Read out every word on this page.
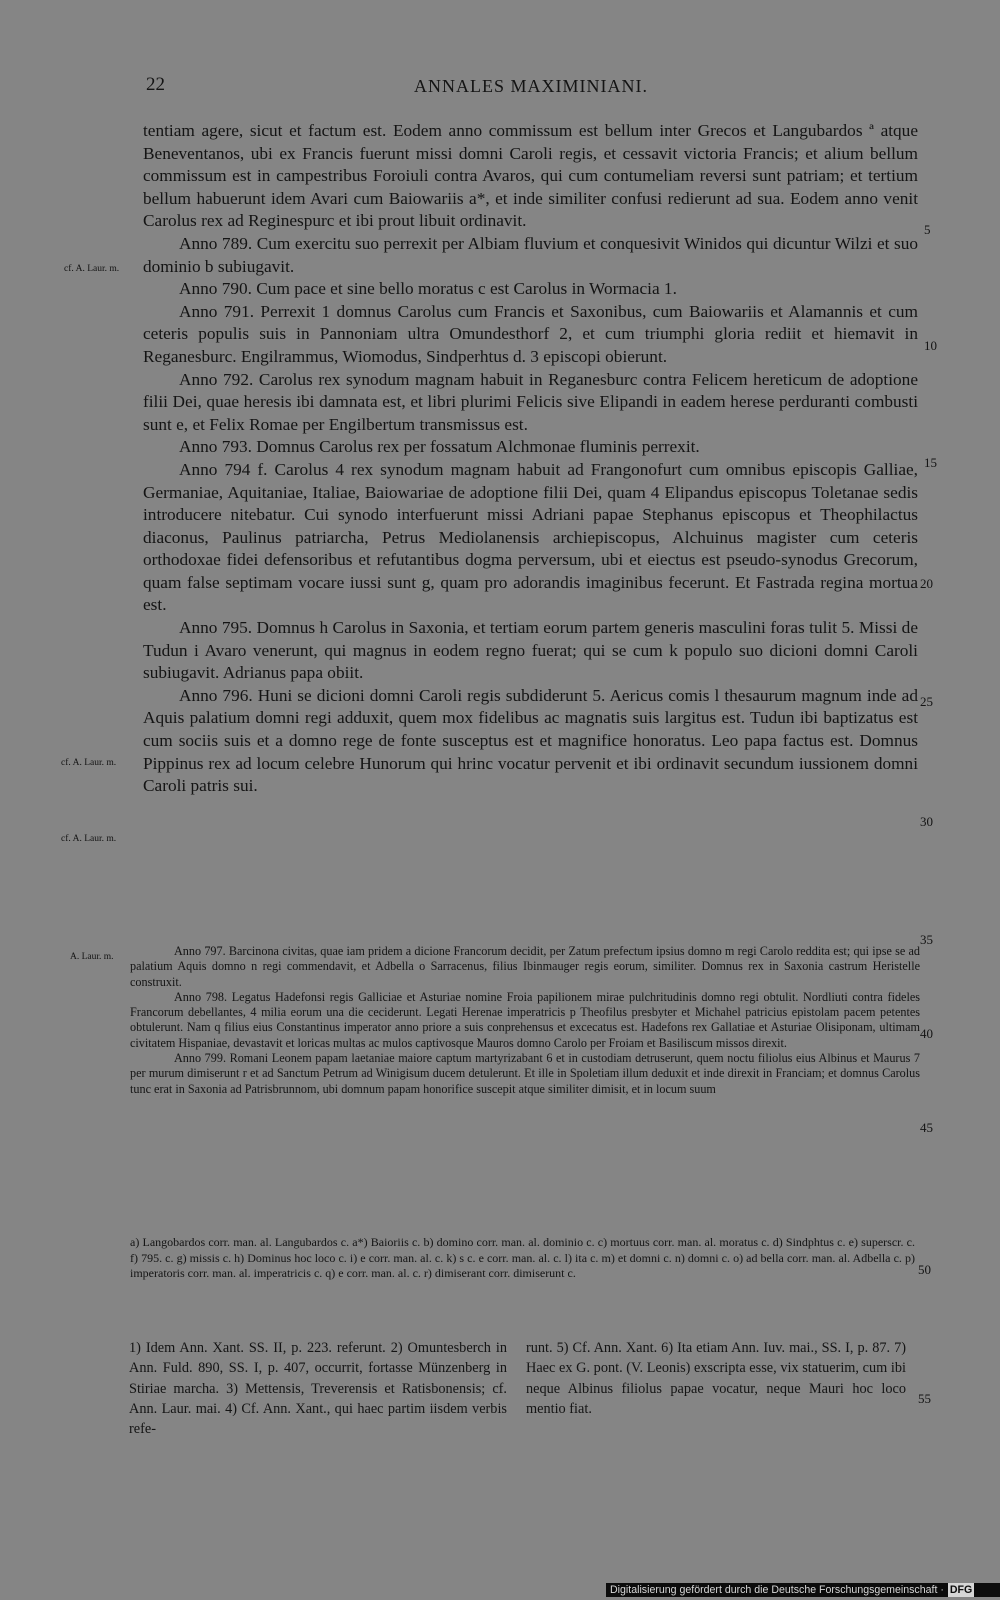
22	ANNALES MAXIMINIANI.

tentiam agere, sicut et factum est. Eodem anno commissum est bellum inter Grecos et Langubardos ª atque Beneventanos, ubi ex Francis fuerunt missi domni Caroli regis, et cessavit victoria Francis; et alium bellum commissum est in campestribus Foroiuli contra Avaros, qui cum contumeliam reversi sunt patriam; et tertium bellum habuerunt idem Avari cum Baiowariis a*, et inde similiter confusi redierunt ad sua. Eodem anno venit Carolus rex ad Reginespurc et ibi prout libuit ordinavit.

Anno 789. Cum exercitu suo perrexit per Albiam fluvium et conquesivit Winidos qui dicuntur Wilzi et suo dominio b subiugavit.

Anno 790. Cum pace et sine bello moratus c est Carolus in Wormacia 1.

Anno 791. Perrexit 1 domnus Carolus cum Francis et Saxonibus, cum Baiowariis et Alamannis et cum ceteris populis suis in Pannoniam ultra Omundesthorf 2, et cum triumphi gloria rediit et hiemavit in Reganesburc. Engilrammus, Wiomodus, Sindperhtus d. 3 episcopi obierunt.

Anno 792. Carolus rex synodum magnam habuit in Reganesburc contra Felicem hereticum de adoptione filii Dei, quae heresis ibi damnata est, et libri plurimi Felicis sive Elipandi in eadem herese perduranti combusti sunt e, et Felix Romae per Engilbertum transmissus est.

Anno 793. Domnus Carolus rex per fossatum Alchmonae fluminis perrexit.

Anno 794 f. Carolus 4 rex synodum magnam habuit ad Frangonofurt cum omnibus episcopis Galliae, Germaniae, Aquitaniae, Italiae, Baiowariae de adoptione filii Dei, quam 4 Elipandus episcopus Toletanae sedis introducere nitebatur. Cui synodo interfuerunt missi Adriani papae Stephanus episcopus et Theophilactus diaconus, Paulinus patriarcha, Petrus Mediolanensis archiepiscopus, Alchuinus magister cum ceteris orthodoxae fidei defensoribus et refutantibus dogma perversum, ubi et eiectus est pseudo-synodus Grecorum, quam false septimam vocare iussi sunt g, quam pro adorandis imaginibus fecerunt. Et Fastrada regina mortua est.

Anno 795. Domnus h Carolus in Saxonia, et tertiam eorum partem generis masculini foras tulit 5. Missi de Tudun i Avaro venerunt, qui magnus in eodem regno fuerat; qui se cum k populo suo dicioni domni Caroli subiugavit. Adrianus papa obiit.

Anno 796. Huni se dicioni domni Caroli regis subdiderunt 5. Aericus comis l thesaurum magnum inde ad Aquis palatium domni regi adduxit, quem mox fidelibus ac magnatis suis largitus est. Tudun ibi baptizatus est cum sociis suis et a domno rege de fonte susceptus est et magnifice honoratus. Leo papa factus est. Domnus Pippinus rex ad locum celebre Hunorum qui hrinc vocatur pervenit et ibi ordinavit secundum iussionem domni Caroli patris sui.

Anno 797. Barcinona civitas, quae iam pridem a dicione Francorum decidit, per Zatum prefectum ipsius domno m regi Carolo reddita est; qui ipse se ad palatium Aquis domno n regi commendavit, et Adbella o Sarracenus, filius Ibinmauger regis eorum, similiter. Domnus rex in Saxonia castrum Heristelle construxit.

Anno 798. Legatus Hadefonsi regis Galliciae et Asturiae nomine Froia papilionem mirae pulchritudinis domno regi obtulit. Nordliuti contra fideles Francorum debellantes, 4 milia eorum una die ceciderunt. Legati Herenae imperatricis p Theofilus presbyter et Michahel patricius epistolam pacem petentes obtulerunt. Nam q filius eius Constantinus imperator anno priore a suis conprehensus et excecatus est. Hadefons rex Gallatiae et Asturiae Olisiponam, ultimam civitatem Hispaniae, devastavit et loricas multas ac mulos captivosque Mauros domno Carolo per Froiam et Basiliscum missos direxit.

Anno 799. Romani Leonem papam laetaniae maiore captum martyrizabant 6 et in custodiam detruserunt, quem noctu filiolus eius Albinus et Maurus 7 per murum dimiserunt r et ad Sanctum Petrum ad Winigisum ducem detulerunt. Et ille in Spoletiam illum deduxit et inde direxit in Franciam; et domnus Carolus tunc erat in Saxonia ad Patrisbrunnom, ubi domnum papam honorifice suscepit atque similiter dimisit, et in locum suum

a) Langobardos corr. man. al. Langubardos c. a*) Baioriis c. b) domino corr. man. al. dominio c. c) mortuus corr. man. al. moratus c. d) Sindphtus c. e) superscr. c. f) 795. c. g) missis c. h) Dominus hoc loco c. i) e corr. man. al. c. k) s c. e corr. man. al. c. l) ita c. m) et domni c. n) domni c. o) ad bella corr. man. al. Adbella c. p) imperatoris corr. man. al. imperatricis c. q) e corr. man. al. c. r) dimiserant corr. dimiserunt c.
1) Idem Ann. Xant. SS. II, p. 223. referunt. 2) Omuntesberch in Ann. Fuld. 890, SS. I, p. 407, occurrit, fortasse Münzenberg in Stiriae marcha. 3) Mettensis, Treverensis et Ratisbonensis; cf. Ann. Laur. mai. 4) Cf. Ann. Xant., qui haec partim iisdem verbis refe-
runt. 5) Cf. Ann. Xant. 6) Ita etiam Ann. Iuv. mai., SS. I, p. 87. 7) Haec ex G. pont. (V. Leonis) exscripta esse, vix statuerim, cum ibi neque Albinus filiolus papae vocatur, neque Mauri hoc loco mentio fiat.
cf. A. Laur. m.
cf. A. Laur. m.
cf. A. Laur. m.
A. Laur. m.
5
10
15
20
25
30
35
40
45
50
55
Digitalisierung gefördert durch die Deutsche Forschungsgemeinschaft · DFG
